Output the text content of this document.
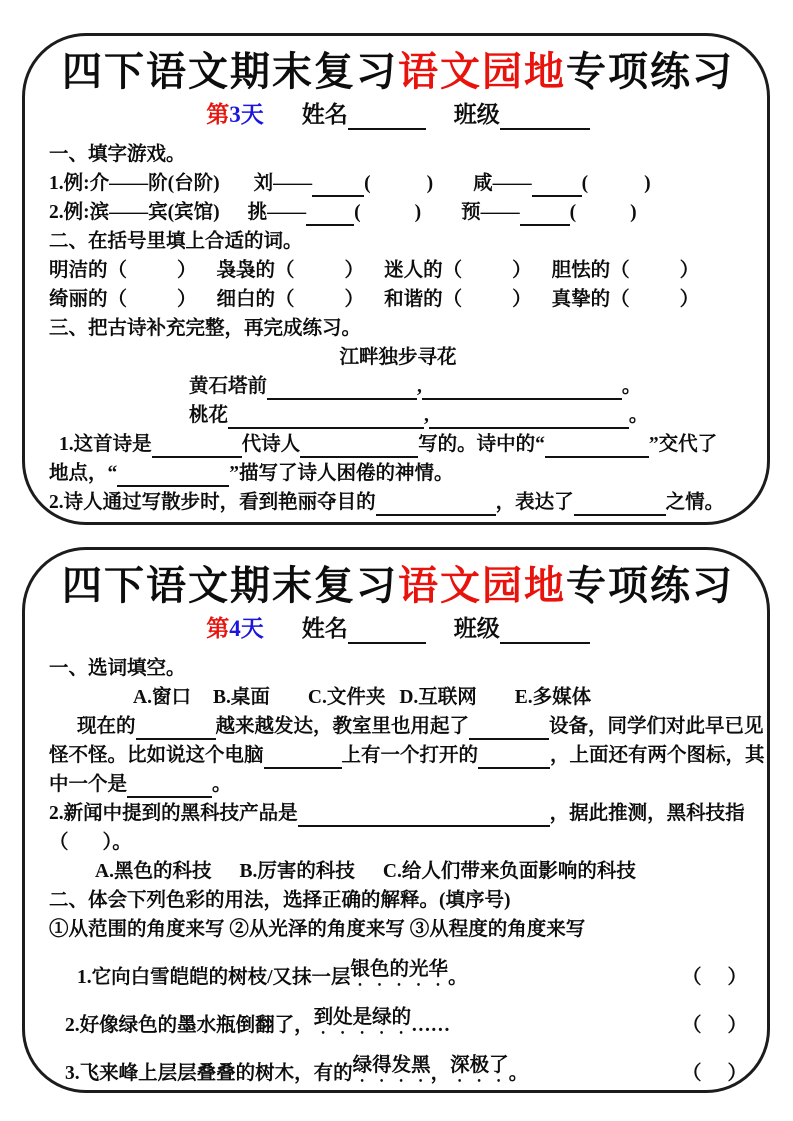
四下语文期末复习语文园地专项练习
第 3天 姓名	班级
一、填字游戏。
1.例:介——阶(台阶) 刘——	(	) 咸——	(	)
2.例:滨——宾(宾馆) 挑—— (	) 预——	(	)
二、在括号里填上合适的词。
明洁的（	） 袅袅的（	） 迷人的（	） 胆怯的（	）
绮丽的（	） 细白的（	） 和谐的（	） 真挚的（	）
三、把古诗补充完整，再完成练习。
江畔独步寻花
黄石塔前	,	。
桃花	,	。
1.这首诗是	代诗人	写的。诗中的“	”交代了
地点，“	”描写了诗人困倦的神情。
2.诗人通过写散步时，看到艳丽夺目的	，表达了	之情。
四下语文期末复习语文园地专项练习
第 4天 姓名	班级
一、选词填空。
A.窗口 B.桌面 C.文件夹 D.互联网 E.多媒体
现在的	越来越发达，教室里也用起了	设备，同学们对此早已见
怪不怪。比如说这个电脑	上有一个打开的	，上面还有两个图标，其
中一个是	。
2.新闻中提到的黑科技产品是	，据此推测，黑科技指
（ ）。
A.黑色的科技 B.厉害的科技 C.给人们带来负面影响的科技
二、体会下列色彩的用法，选择正确的解释。(填序号)
①从范围的角度来写 ②从光泽的角度来写 ③从程度的角度来写
1.它向白雪皑皑的树枝/又抹一层 银色的光华 。	（ ）
2.好像绿色的墨水瓶倒翻了， 到处是绿的 ……	（ ）
3.飞来峰上层层叠叠的树木，有的 绿得发黑 ， 深极了 。	（ ）
